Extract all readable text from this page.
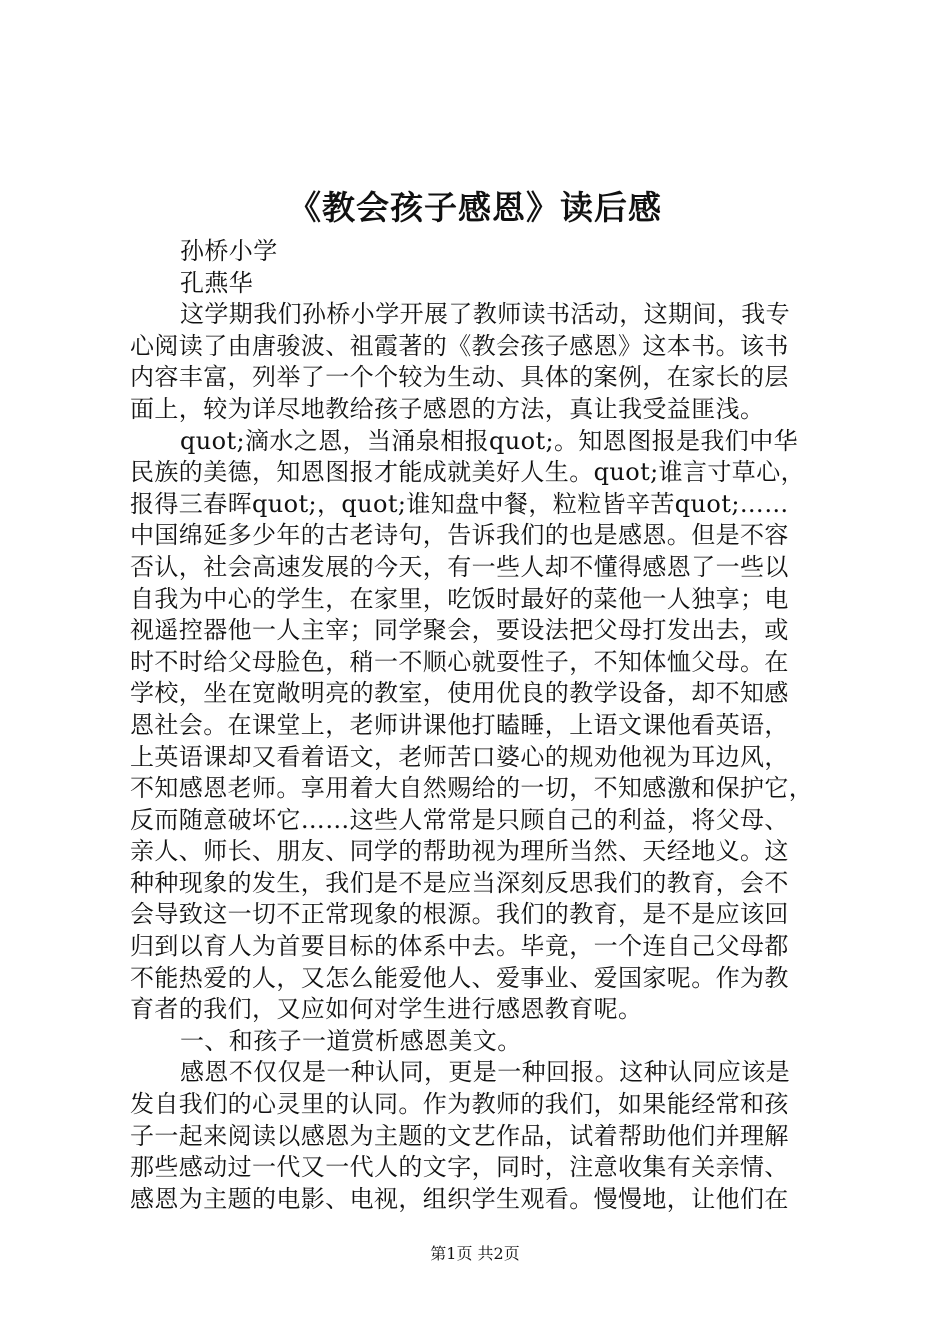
《教会孩子感恩》读后感
孙桥小学
孔燕华
这学期我们孙桥小学开展了教师读书活动，这期间，我专
心阅读了由唐骏波、祖霞著的《教会孩子感恩》这本书。该书
内容丰富，列举了一个个较为生动、具体的案例，在家长的层
面上，较为详尽地教给孩子感恩的方法，真让我受益匪浅。
quot;滴水之恩，当涌泉相报quot;。知恩图报是我们中华
民族的美德，知恩图报才能成就美好人生。quot;谁言寸草心，
报得三春晖quot;，quot;谁知盘中餐，粒粒皆辛苦quot;……
中国绵延多少年的古老诗句，告诉我们的也是感恩。但是不容
否认，社会高速发展的今天，有一些人却不懂得感恩了一些以
自我为中心的学生，在家里，吃饭时最好的菜他一人独享；电
视遥控器他一人主宰；同学聚会，要设法把父母打发出去，或
时不时给父母脸色，稍一不顺心就耍性子，不知体恤父母。在
学校，坐在宽敞明亮的教室，使用优良的教学设备，却不知感
恩社会。在课堂上，老师讲课他打瞌睡，上语文课他看英语，
上英语课却又看着语文，老师苦口婆心的规劝他视为耳边风，
不知感恩老师。享用着大自然赐给的一切，不知感激和保护它，
反而随意破坏它……这些人常常是只顾自己的利益，将父母、
亲人、师长、朋友、同学的帮助视为理所当然、天经地义。这
种种现象的发生，我们是不是应当深刻反思我们的教育，会不
会导致这一切不正常现象的根源。我们的教育，是不是应该回
归到以育人为首要目标的体系中去。毕竟，一个连自己父母都
不能热爱的人，又怎么能爱他人、爱事业、爱国家呢。作为教
育者的我们，又应如何对学生进行感恩教育呢。
一、和孩子一道赏析感恩美文。
感恩不仅仅是一种认同，更是一种回报。这种认同应该是
发自我们的心灵里的认同。作为教师的我们，如果能经常和孩
子一起来阅读以感恩为主题的文艺作品，试着帮助他们并理解
那些感动过一代又一代人的文字，同时，注意收集有关亲情、
感恩为主题的电影、电视，组织学生观看。慢慢地，让他们在
第1页 共2页
